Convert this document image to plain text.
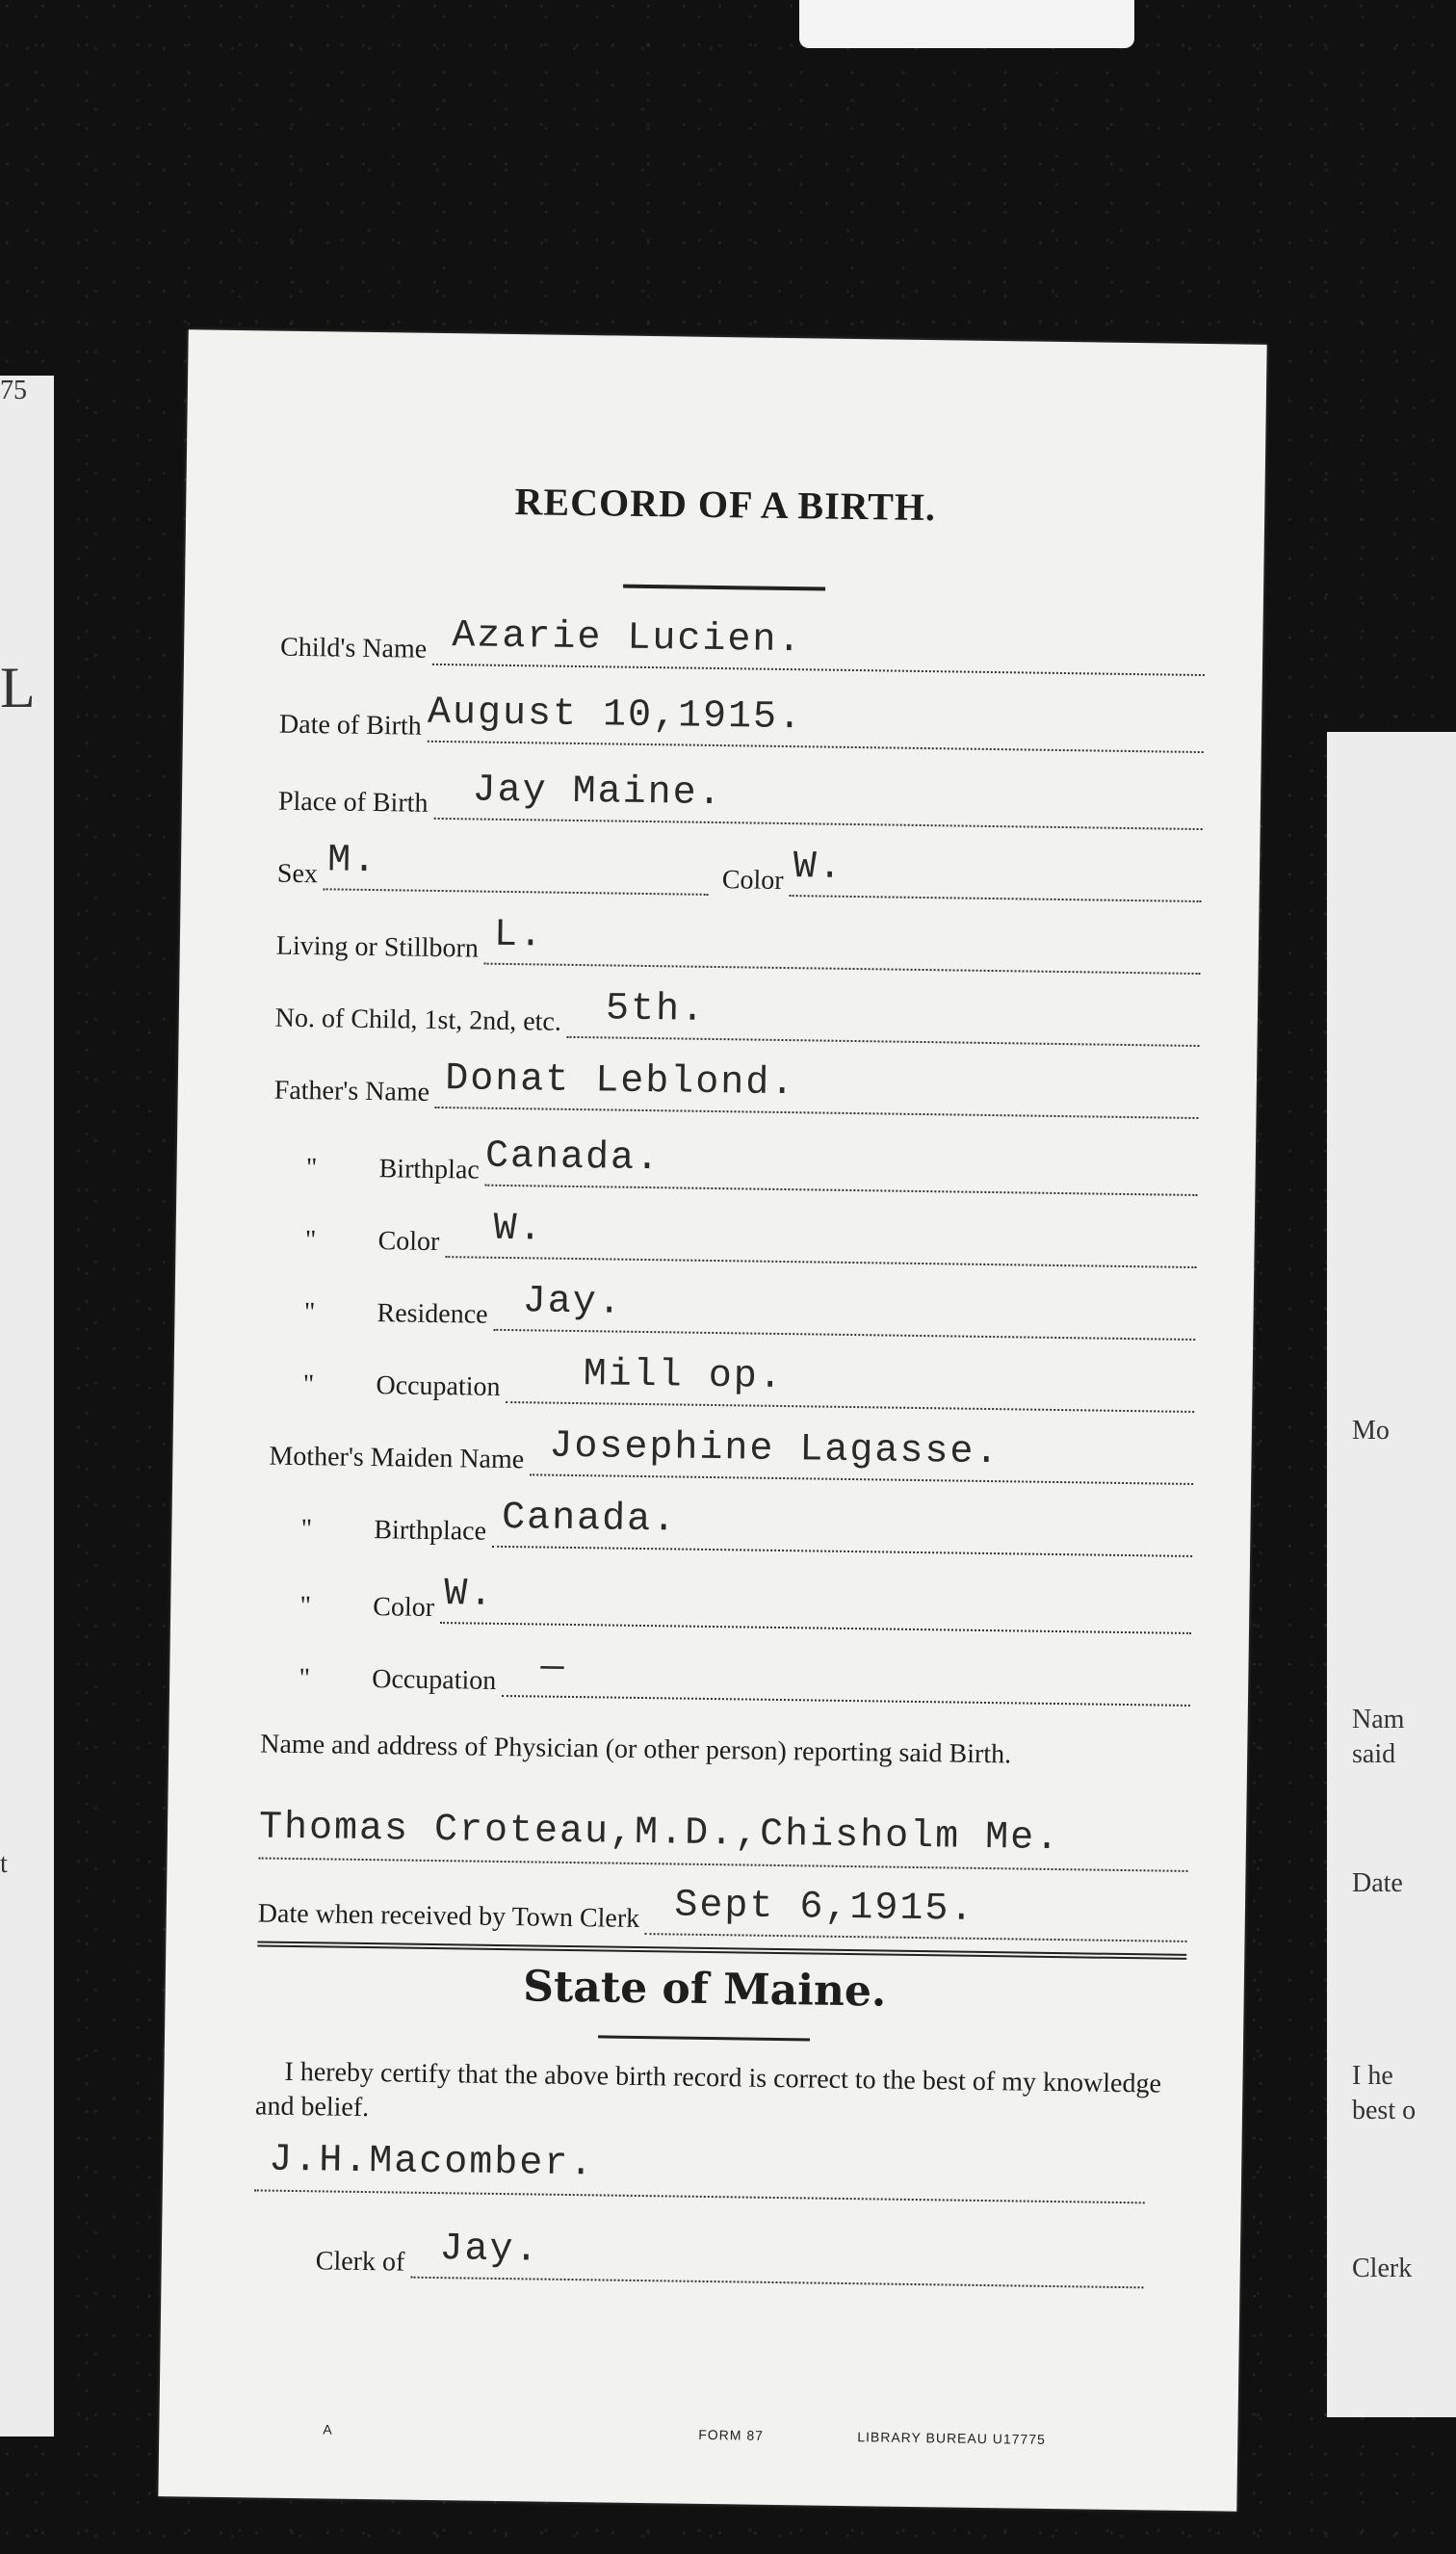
75
L
t
Mo
Nam
said
Date
I he
best o
Clerk
RECORD OF A BIRTH.
Child's Name Azarie Lucien.
Date of Birth August 10,1915.
Place of Birth Jay Maine.
Sex M.	Color W.
Living or Stillborn L.
No. of Child, 1st, 2nd, etc. 5th.
Father's Name Donat Leblond.
"	Birthplac Canada.
"	Color W.
"	Residence Jay.
"	Occupation Mill op.
Mother's Maiden Name Josephine Lagasse.
"	Birthplace Canada.
"	Color W.
"	Occupation —
Name and address of Physician (or other person) reporting said Birth.
Thomas Croteau,M.D.,Chisholm Me.
Date when received by Town Clerk Sept 6,1915.
State of Maine.
I hereby certify that the above birth record is correct to the best of my knowledge and belief.
J.H.Macomber.
Clerk of Jay.
A	FORM 87	LIBRARY BUREAU U17775
